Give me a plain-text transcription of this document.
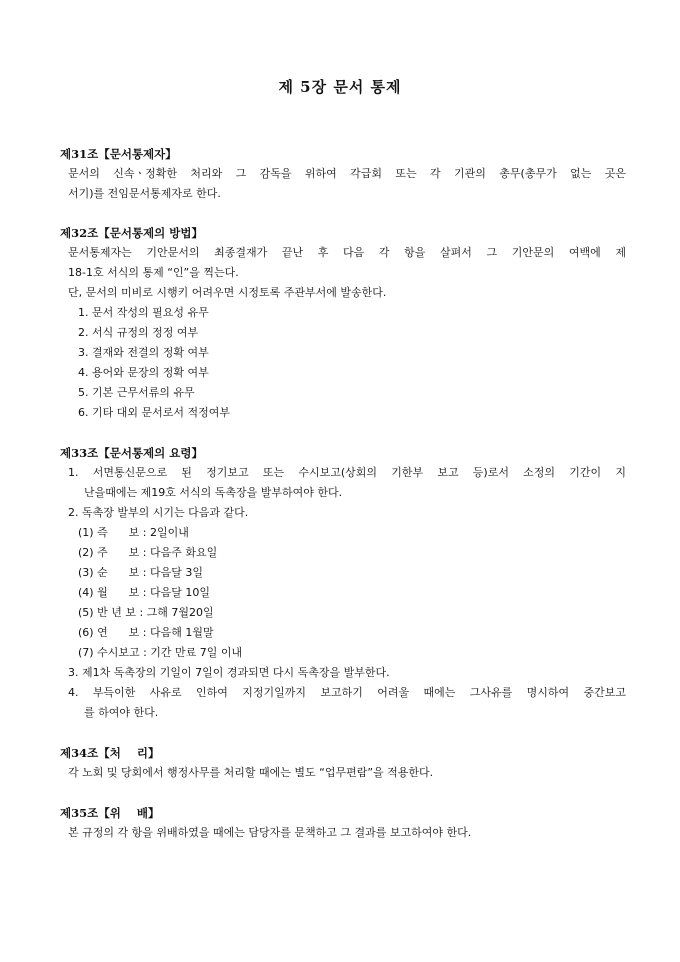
제 5장 문서 통제
제31조【문서통제자】
문서의 신속ㆍ정확한 처리와 그 감독을 위하여 각급회 또는 각 기관의 총무(총무가 없는 곳은
서기)를 전임문서통제자로 한다.
제32조【문서통제의 방법】
문서통제자는 기안문서의 최종결재가 끝난 후 다음 각 항을 살펴서 그 기안문의 여백에 제
18-1호 서식의 통제 “인”을 찍는다.
단, 문서의 미비로 시행키 어려우면 시정토록 주관부서에 발송한다.
1. 문서 작성의 필요성 유무
2. 서식 규정의 정정 여부
3. 결재와 전결의 정확 여부
4. 용어와 문장의 정확 여부
5. 기본 근무서류의 유무
6. 기타 대외 문서로서 적정여부
제33조【문서통제의 요령】
1. 서면통신문으로 된 정기보고 또는 수시보고(상회의 기한부 보고 등)로서 소정의 기간이 지
난을때에는 제19호 서식의 독촉장을 발부하여야 한다.
2. 독촉장 발부의 시기는 다음과 같다.
(1) 즉      보 : 2일이내
(2) 주      보 : 다음주 화요일
(3) 순      보 : 다음달 3일
(4) 월      보 : 다음달 10일
(5) 반 년 보 : 그해 7월20일
(6) 연      보 : 다음해 1월말
(7) 수시보고 : 기간 만료 7일 이내
3. 제1차 독촉장의 기일이 7일이 경과되면 다시 독촉장을 발부한다.
4. 부득이한 사유로 인하여 지정기일까지 보고하기 어려울 때에는 그사유를 명시하여 중간보고
를 하여야 한다.
제34조【처    리】
각 노회 및 당회에서 행정사무를 처리할 때에는 별도 “업무편람”을 적용한다.
제35조【위    배】
본 규정의 각 항을 위배하였을 때에는 담당자를 문책하고 그 결과를 보고하여야 한다.
